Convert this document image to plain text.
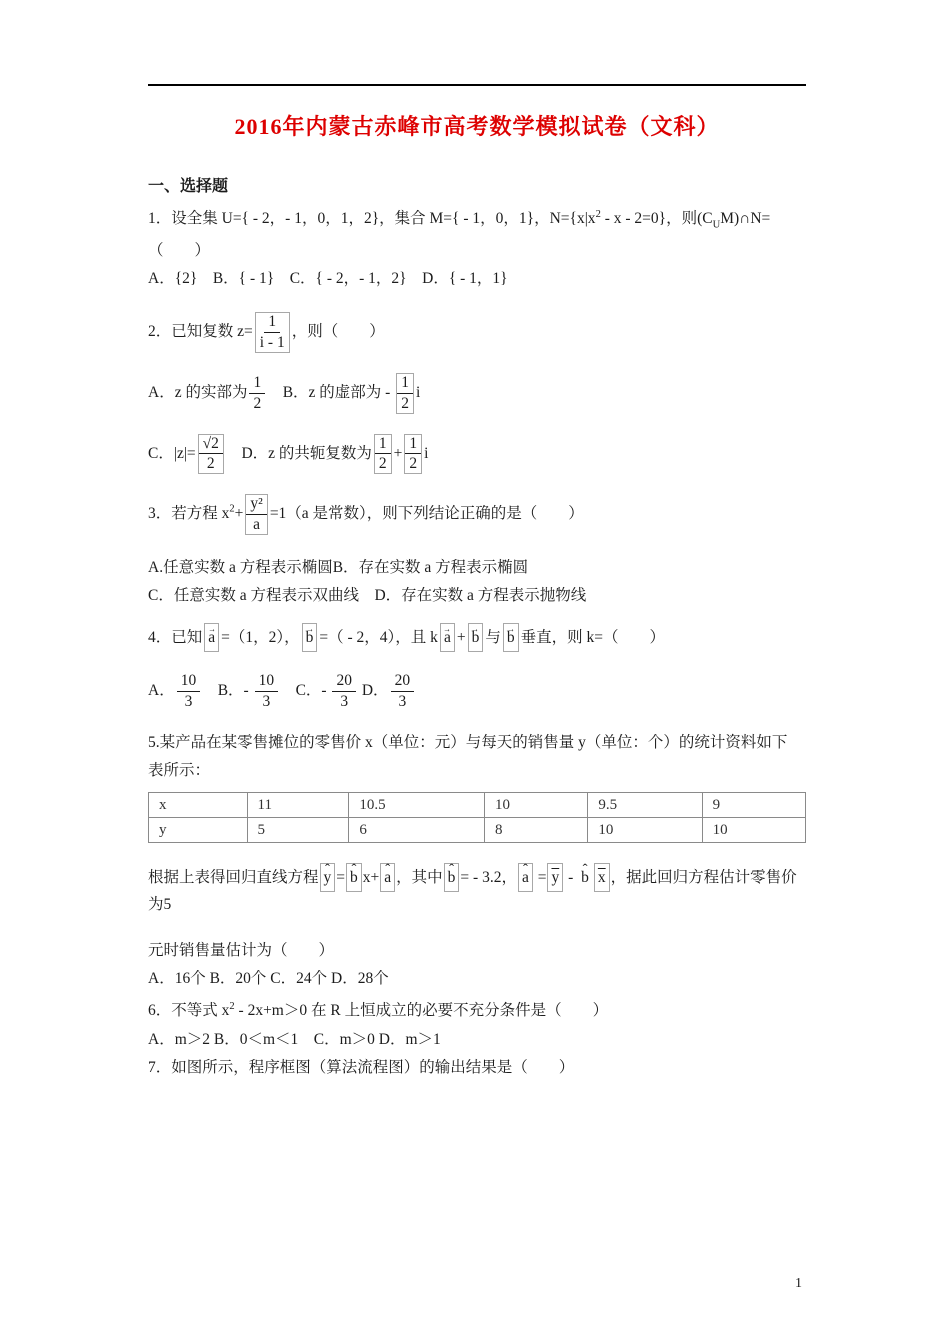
2016年内蒙古赤峰市高考数学模拟试卷（文科）
一、选择题
1．设全集 U={ - 2，- 1，0，1，2}，集合 M={ - 1，0，1}，$N=\{x|x^2 - x - 2=0\}$，则$(C_UM)\cap N=$（　　）
A．{2}　B．{ - 1}　C．{ - 2，- 1，2}　D．{ - 1，1}
2．已知复数 $z= \frac{1}{i - 1}$ ，则（　　）
A．z 的实部为 $\frac{1}{2}$ 　B．z 的虚部为 - $\frac{1}{2}$ i
C．$|z|= \frac{√2}{2}$ 　D．z 的共轭复数为 $\frac{1}{2} + \frac{1}{2}$ i
3．若方程 $x^2+ \frac{\text{y²}}{a} =1(a$ 是常数），则下列结论正确的是（　　）
A.任意实数 a 方程表示椭圆B．存在实数 a 方程表示椭圆
C．任意实数 a 方程表示双曲线　D．存在实数 a 方程表示抛物线
4．已知 a → =（1，2）， b → =（ - 2，4），且 k a → + b → 与 b → 垂直，则 k=（　　）
A． $\frac{10}{3}$ 　B．- $\frac{10}{3}$ 　C．- $\frac{20}{3}$ D． $\frac{20}{3}$
5.某产品在某零售摊位的零售价 x（单位：元）与每天的销售量 y（单位：个）的统计资料如下
表所示：
x	11	10.5	10	9.5	9
y	5	6	8	10	10
根据上表得回归直线方程 y ˆ = b ˆ x+ a ˆ ，其中 b ˆ = - 3.2， a ˆ = $\overline{y}$ - b ˆ $\overline{x}$ ，据此回归方程估计零售价为5
元时销售量估计为（　　）
A．16个 B．20个 C．24个 D．28个
6．不等式 $x^2 - 2x+m>0$ 在 R 上恒成立的必要不充分条件是（　　）
A．m＞2 B．0＜m＜1　C．m＞0 D．m＞1
7．如图所示，程序框图（算法流程图）的输出结果是（　　）
1
